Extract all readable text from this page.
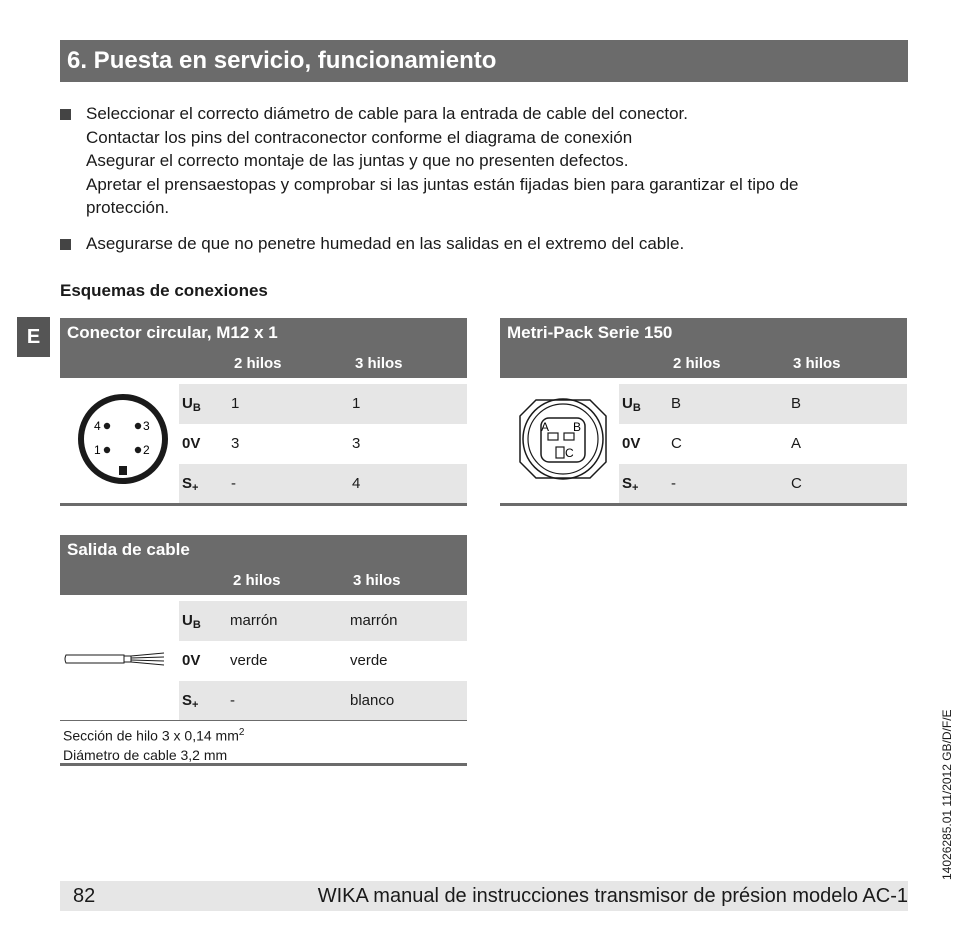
6. Puesta en servicio, funcionamiento
Seleccionar el correcto diámetro de cable para la entrada de cable del conector.
Contactar los pins del contraconector conforme el diagrama de conexión
Asegurar el correcto montaje de las juntas y que no presenten defectos.
Apretar el prensaestopas y comprobar si las juntas están fijadas bien para garantizar el tipo de
protección.
Asegurarse de que no penetre humedad en las salidas en el extremo del cable.
Esquemas de conexiones
E	Conector circular, M12 x 1
2 hilos	3 hilos
4	3
1	2
$U_B$ 1	1
0V 3	3
$S_+$ -	4
Metri-Pack Serie 150
2 hilos	3 hilos
A B
C
$U_B$ B	B
0V C	A
$S_+$ -	C
Salida de cable
2 hilos	3 hilos
$U_B$ marrón	marrón
0V verde	verde
$S_+$ -	blanco
Sección de hilo 3 x 0,14 $mm^2$
Diámetro de cable 3,2 mm	14026285.01 11/2012 GB/D/F/E
82	WIKA manual de instrucciones transmisor de présion modelo AC-1
